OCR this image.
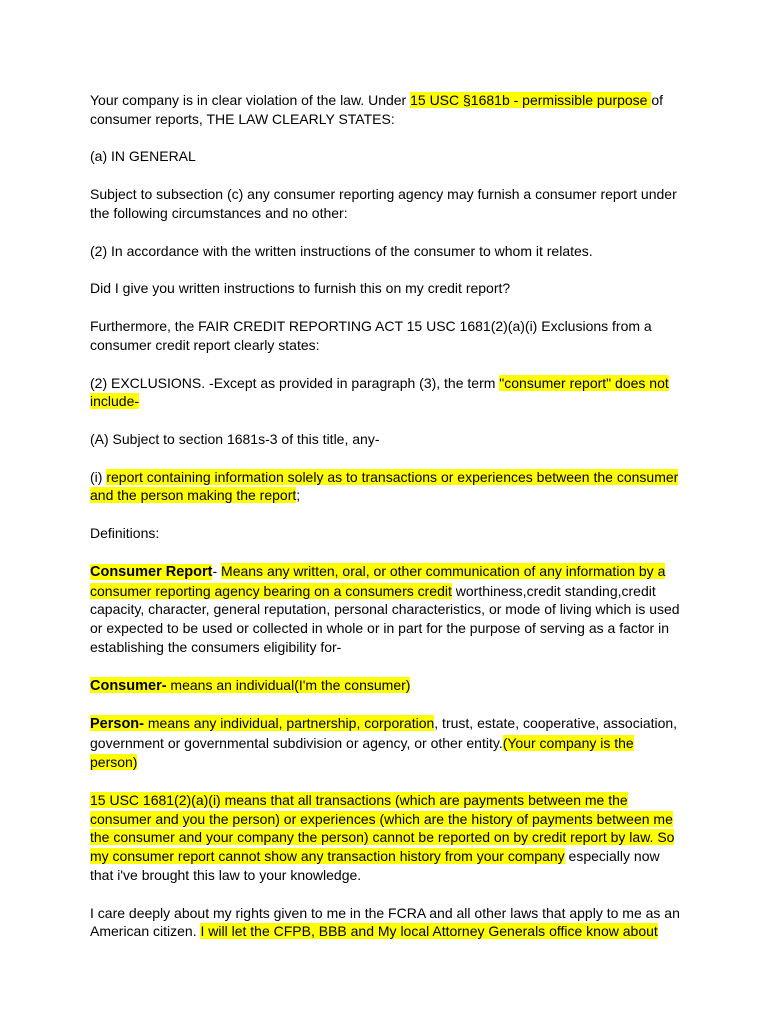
Your company is in clear violation of the law. Under 15 USC §1681b - permissible purpose of consumer reports, THE LAW CLEARLY STATES:

(a) IN GENERAL

Subject to subsection (c) any consumer reporting agency may furnish a consumer report under the following circumstances and no other:

(2) In accordance with the written instructions of the consumer to whom it relates.

Did I give you written instructions to furnish this on my credit report?

Furthermore, the FAIR CREDIT REPORTING ACT 15 USC 1681(2)(a)(i) Exclusions from a consumer credit report clearly states:

(2) EXCLUSIONS. -Except as provided in paragraph (3), the term "consumer report" does not include-

(A) Subject to section 1681s-3 of this title, any-

(i) report containing information solely as to transactions or experiences between the consumer and the person making the report;

Definitions:

Consumer Report- Means any written, oral, or other communication of any information by a consumer reporting agency bearing on a consumers credit worthiness,credit standing,credit capacity, character, general reputation, personal characteristics, or mode of living which is used or expected to be used or collected in whole or in part for the purpose of serving as a factor in establishing the consumers eligibility for-

Consumer- means an individual(I'm the consumer)

Person- means any individual, partnership, corporation, trust, estate, cooperative, association, government or governmental subdivision or agency, or other entity.(Your company is the person)

15 USC 1681(2)(a)(i) means that all transactions (which are payments between me the consumer and you the person) or experiences (which are the history of payments between me the consumer and your company the person) cannot be reported on by credit report by law. So my consumer report cannot show any transaction history from your company especially now that i've brought this law to your knowledge.

I care deeply about my rights given to me in the FCRA and all other laws that apply to me as an American citizen. I will let the CFPB, BBB and My local Attorney Generals office know about
